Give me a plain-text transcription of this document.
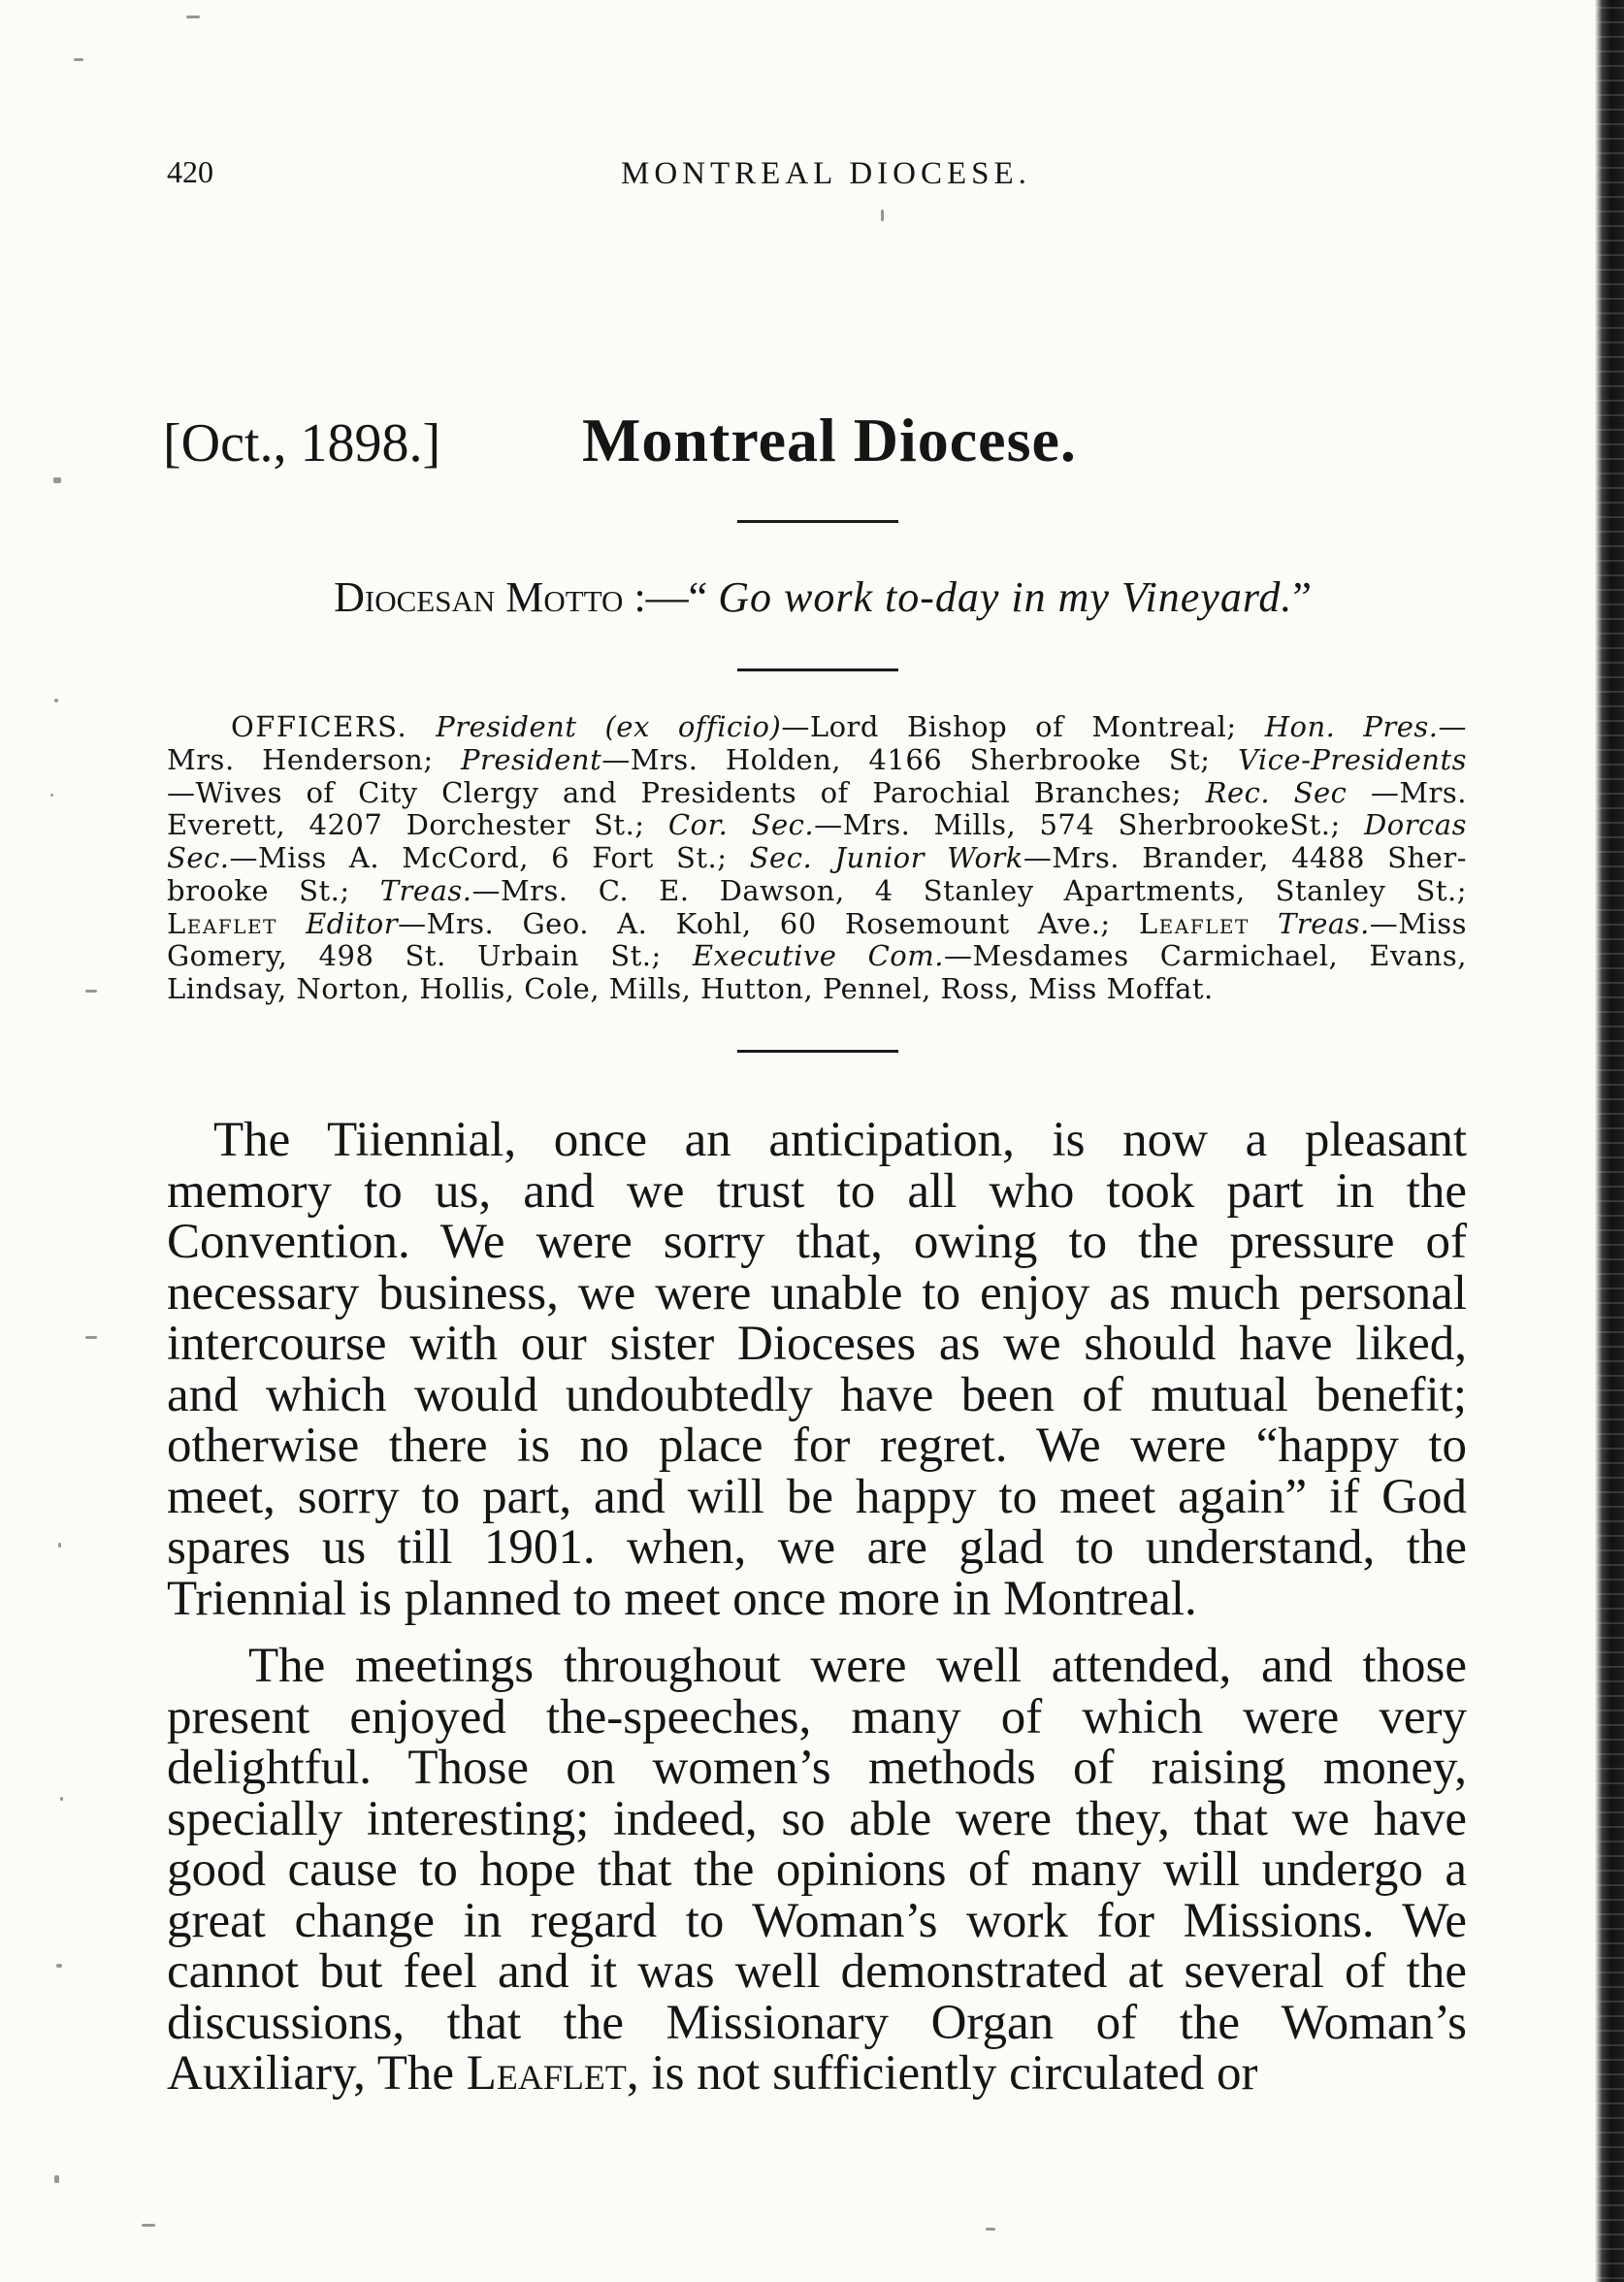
420	MONTREAL DIOCESE.
[Oct., 1898.] Montreal Diocese.
Diocesan Motto :—“ Go work to-day in my Vineyard.”
OFFICERS. President (ex officio)—Lord Bishop of Montreal; Hon. Pres.—
Mrs. Henderson; President—Mrs. Holden, 4166 Sherbrooke St; Vice-Presidents
—Wives of City Clergy and Presidents of Parochial Branches; Rec. Sec —Mrs.
Everett, 4207 Dorchester St.; Cor. Sec.—Mrs. Mills, 574 SherbrookeSt.; Dorcas
Sec.—Miss A. McCord, 6 Fort St.; Sec. Junior Work—Mrs. Brander, 4488 Sher-
brooke St.; Treas.—Mrs. C. E. Dawson, 4 Stanley Apartments, Stanley St.;
Leaflet Editor—Mrs. Geo. A. Kohl, 60 Rosemount Ave.; Leaflet Treas.—Miss
Gomery, 498 St. Urbain St.; Executive Com.—Mesdames Carmichael, Evans,
Lindsay, Norton, Hollis, Cole, Mills, Hutton, Pennel, Ross, Miss Moffat.
The Tiiennial, once an anticipation, is now a pleasant
memory to us, and we trust to all who took part in the
Convention. We were sorry that, owing to the pressure of
necessary business, we were unable to enjoy as much personal
intercourse with our sister Dioceses as we should have liked,
and which would undoubtedly have been of mutual benefit;
otherwise there is no place for regret. We were “happy to
meet, sorry to part, and will be happy to meet again” if God
spares us till 1901. when, we are glad to understand, the
Triennial is planned to meet once more in Montreal.
The meetings throughout were well attended, and those
present enjoyed the-speeches, many of which were very
delightful. Those on women’s methods of raising money,
specially interesting; indeed, so able were they, that we have
good cause to hope that the opinions of many will undergo a
great change in regard to Woman’s work for Missions. We
cannot but feel and it was well demonstrated at several of the
discussions, that the Missionary Organ of the Woman’s
Auxiliary, The Leaflet, is not sufficiently circulated or
